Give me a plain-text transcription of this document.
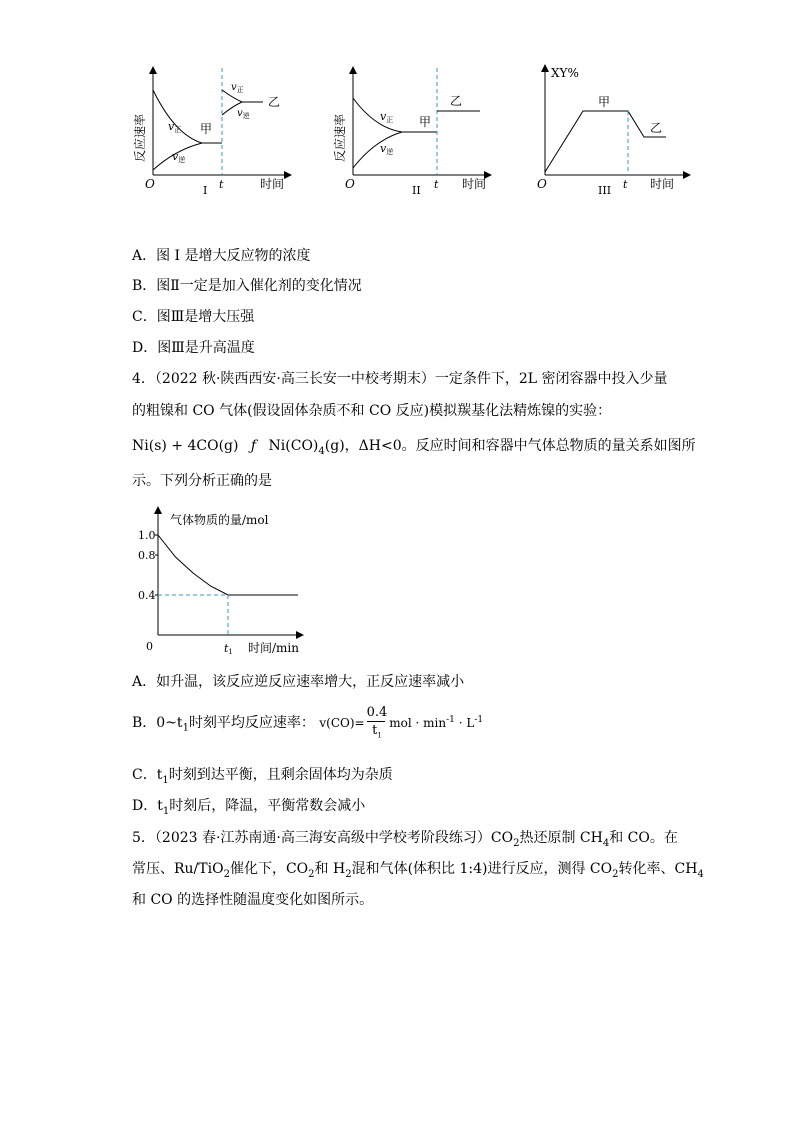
反应速率
O	t	时间
I
v正
v逆
甲
乙
$v_正$
$v_逆$	反应速率
O	t 时间
II
v正
v逆
甲
乙
XY%
O	t 时间
III
甲
乙
A．图 I 是增大反应物的浓度
B．图Ⅱ一定是加入催化剂的变化情况
C．图Ⅲ是增大压强
D．图Ⅲ是升高温度
4．（2022 秋·陕西西安·高三长安一中校考期末）一定条件下，2L 密闭容器中投入少量
的粗镍和 CO 气体(假设固体杂质不和 CO 反应)模拟羰基化法精炼镍的实验：
Ni(s) + 4CO(g) ƒ $Ni(CO)_4(g)$，ΔH<0。反应时间和容器中气体总物质的量关系如图所
示。下列分析正确的是
1.0
0.8
0.4
气体物质的量/mol
时间/min
0	t1
A．如升温，该反应逆反应速率增大，正反应速率减小
B．$0\sim t_1$时刻平均反应速率： $v(CO)= \frac{0.4}{t_1}$ mol · $\min^{-1} \cdot L^{-1}$
C．$t_1$时刻到达平衡，且剩余固体均为杂质
D．$t_1$时刻后，降温，平衡常数会减小
5．（2023 春·江苏南通·高三海安高级中学校考阶段练习）$CO_2$热还原制 $CH_4$和 CO。在
常压、Ru/TiO$_2$催化下，$CO_2$和 $H_2$混和气体(体积比 1:4)进行反应，测得 $CO_2$转化率、$CH_4$
和 CO 的选择性随温度变化如图所示。
